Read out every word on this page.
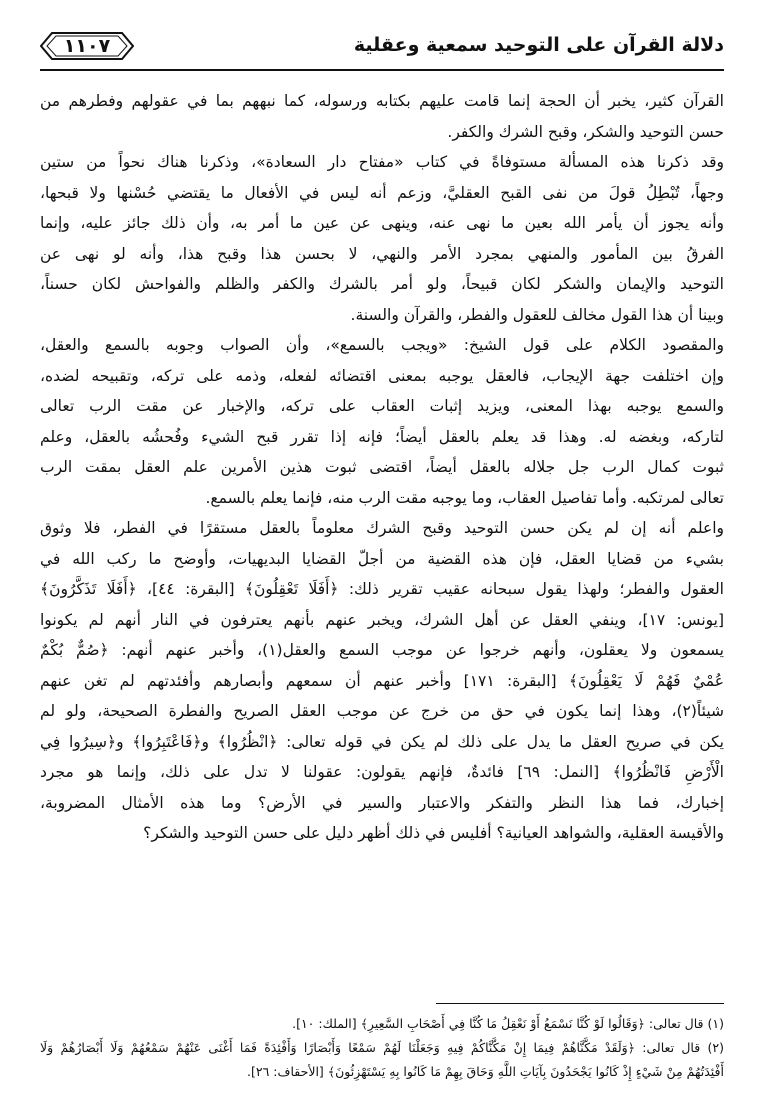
دلالة القرآن على التوحيد سمعية وعقلية
١١٠٧
القرآن كثير، يخبر أن الحجة إنما قامت عليهم بكتابه ورسوله، كما نبههم بما في عقولهم وفطرهم من
حسن التوحيد والشكر، وقبح الشرك والكفر.
وقد ذكرنا هذه المسألة مستوفاةً في كتاب «مفتاح دار السعادة»، وذكرنا هناك نحواً من ستين
وجهاً، تُبْطِلُ قولَ من نفى القبح العقليَّ، وزعم أنه ليس في الأفعال ما يقتضي حُسْنها ولا قبحها،
وأنه يجوز أن يأمر الله بعين ما نهى عنه، وينهى عن عين ما أمر به، وأن ذلك جائز عليه، وإنما
الفرقُ بين المأمور والمنهي بمجرد الأمر والنهي، لا بحسن هذا وقبح هذا، وأنه لو نهى عن
التوحيد والإيمان والشكر لكان قبيحاً، ولو أمر بالشرك والكفر والظلم والفواحش لكان حسناً،
وبينا أن هذا القول مخالف للعقول والفطر، والقرآن والسنة.
والمقصود الكلام على قول الشيخ: «ويجب بالسمع»، وأن الصواب وجوبه بالسمع والعقل،
وإن اختلفت جهة الإيجاب، فالعقل يوجبه بمعنى اقتضائه لفعله، وذمه على تركه، وتقبيحه لضده،
والسمع يوجبه بهذا المعنى، ويزيد إثبات العقاب على تركه، والإخبار عن مقت الرب تعالى
لتاركه، وبغضه له. وهذا قد يعلم بالعقل أيضاً؛ فإنه إذا تقرر قبح الشيء وفُحشُه بالعقل، وعلم
ثبوت كمال الرب جل جلاله بالعقل أيضاً، اقتضى ثبوت هذين الأمرين علم العقل بمقت الرب
تعالى لمرتكبه. وأما تفاصيل العقاب، وما يوجبه مقت الرب منه، فإنما يعلم بالسمع.
واعلم أنه إن لم يكن حسن التوحيد وقبح الشرك معلوماً بالعقل مستقرًا في الفطر، فلا وثوق
بشيء من قضايا العقل، فإن هذه القضية من أجلّ القضايا البديهيات، وأوضح ما ركب الله في
العقول والفطر؛ ولهذا يقول سبحانه عقيب تقرير ذلك: ﴿أَفَلَا تَعْقِلُونَ﴾ [البقرة: ٤٤]، ﴿أَفَلَا تَذَكَّرُونَ﴾
[يونس: ١٧]، وينفي العقل عن أهل الشرك، ويخبر عنهم بأنهم يعترفون في النار أنهم لم يكونوا
يسمعون ولا يعقلون، وأنهم خرجوا عن موجب السمع والعقل(١)، وأخبر عنهم أنهم: ﴿صُمٌّ بُكْمٌ
عُمْيٌ فَهُمْ لَا يَعْقِلُونَ﴾ [البقرة: ١٧١] وأخبر عنهم أن سمعهم وأبصارهم وأفئدتهم لم تغن عنهم
شيئاً(٢)، وهذا إنما يكون في حق من خرج عن موجب العقل الصريح والفطرة الصحيحة، ولو لم
يكن في صريح العقل ما يدل على ذلك لم يكن في قوله تعالى: ﴿انْظُرُوا﴾ و﴿فَاعْتَبِرُوا﴾ و﴿سِيرُوا فِي
الْأَرْضِ فَانْظُرُوا﴾ [النمل: ٦٩] فائدةٌ، فإنهم يقولون: عقولنا لا تدل على ذلك، وإنما هو مجرد
إخبارك، فما هذا النظر والتفكر والاعتبار والسير في الأرض؟ وما هذه الأمثال المضروبة،
والأقيسة العقلية، والشواهد العيانية؟ أفليس في ذلك أظهر دليل على حسن التوحيد والشكر؟
(١) قال تعالى: ﴿وَقَالُوا لَوْ كُنَّا نَسْمَعُ أَوْ نَعْقِلُ مَا كُنَّا فِي أَصْحَابِ السَّعِيرِ﴾ [الملك: ١٠].
(٢) قال تعالى: ﴿وَلَقَدْ مَكَّنَّاهُمْ فِيمَا إِنْ مَكَّنَّاكُمْ فِيهِ وَجَعَلْنَا لَهُمْ سَمْعًا وَأَبْصَارًا وَأَفْئِدَةً فَمَا أَغْنَى عَنْهُمْ سَمْعُهُمْ وَلَا أَبْصَارُهُمْ وَلَا
أَفْئِدَتُهُمْ مِنْ شَيْءٍ إِذْ كَانُوا يَجْحَدُونَ بِآيَاتِ اللَّهِ وَحَاقَ بِهِمْ مَا كَانُوا بِهِ يَسْتَهْزِئُونَ﴾ [الأحقاف: ٢٦].
